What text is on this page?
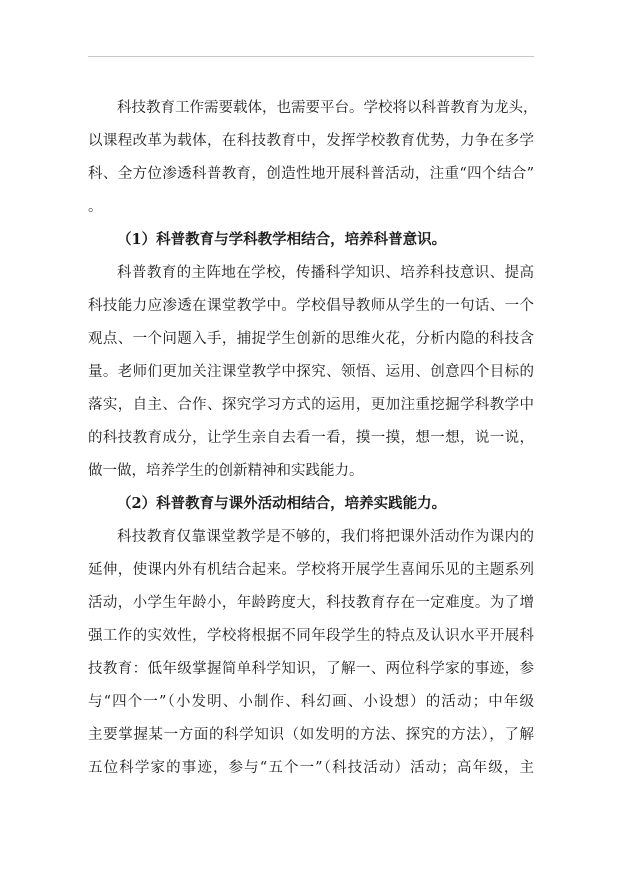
科技教育工作需要载体，也需要平台。学校将以科普教育为龙头，
以课程改革为载体，在科技教育中，发挥学校教育优势，力争在多学
科、全方位渗透科普教育，创造性地开展科普活动，注重“四个结合”
。
（1）科普教育与学科教学相结合，培养科普意识。
科普教育的主阵地在学校，传播科学知识、培养科技意识、提高
科技能力应渗透在课堂教学中。学校倡导教师从学生的一句话、一个
观点、一个问题入手，捕捉学生创新的思维火花，分析内隐的科技含
量。老师们更加关注课堂教学中探究、领悟、运用、创意四个目标的
落实，自主、合作、探究学习方式的运用，更加注重挖掘学科教学中
的科技教育成分，让学生亲自去看一看，摸一摸，想一想，说一说，
做一做，培养学生的创新精神和实践能力。
（2）科普教育与课外活动相结合，培养实践能力。
科技教育仅靠课堂教学是不够的，我们将把课外活动作为课内的
延伸，使课内外有机结合起来。学校将开展学生喜闻乐见的主题系列
活动，小学生年龄小，年龄跨度大，科技教育存在一定难度。为了增
强工作的实效性，学校将根据不同年段学生的特点及认识水平开展科
技教育：低年级掌握简单科学知识，了解一、两位科学家的事迹，参
与“四个一”（小发明、小制作、科幻画、小设想）的活动；中年级
主要掌握某一方面的科学知识（如发明的方法、探究的方法），了解
五位科学家的事迹，参与“五个一”（科技活动）活动；高年级，主
